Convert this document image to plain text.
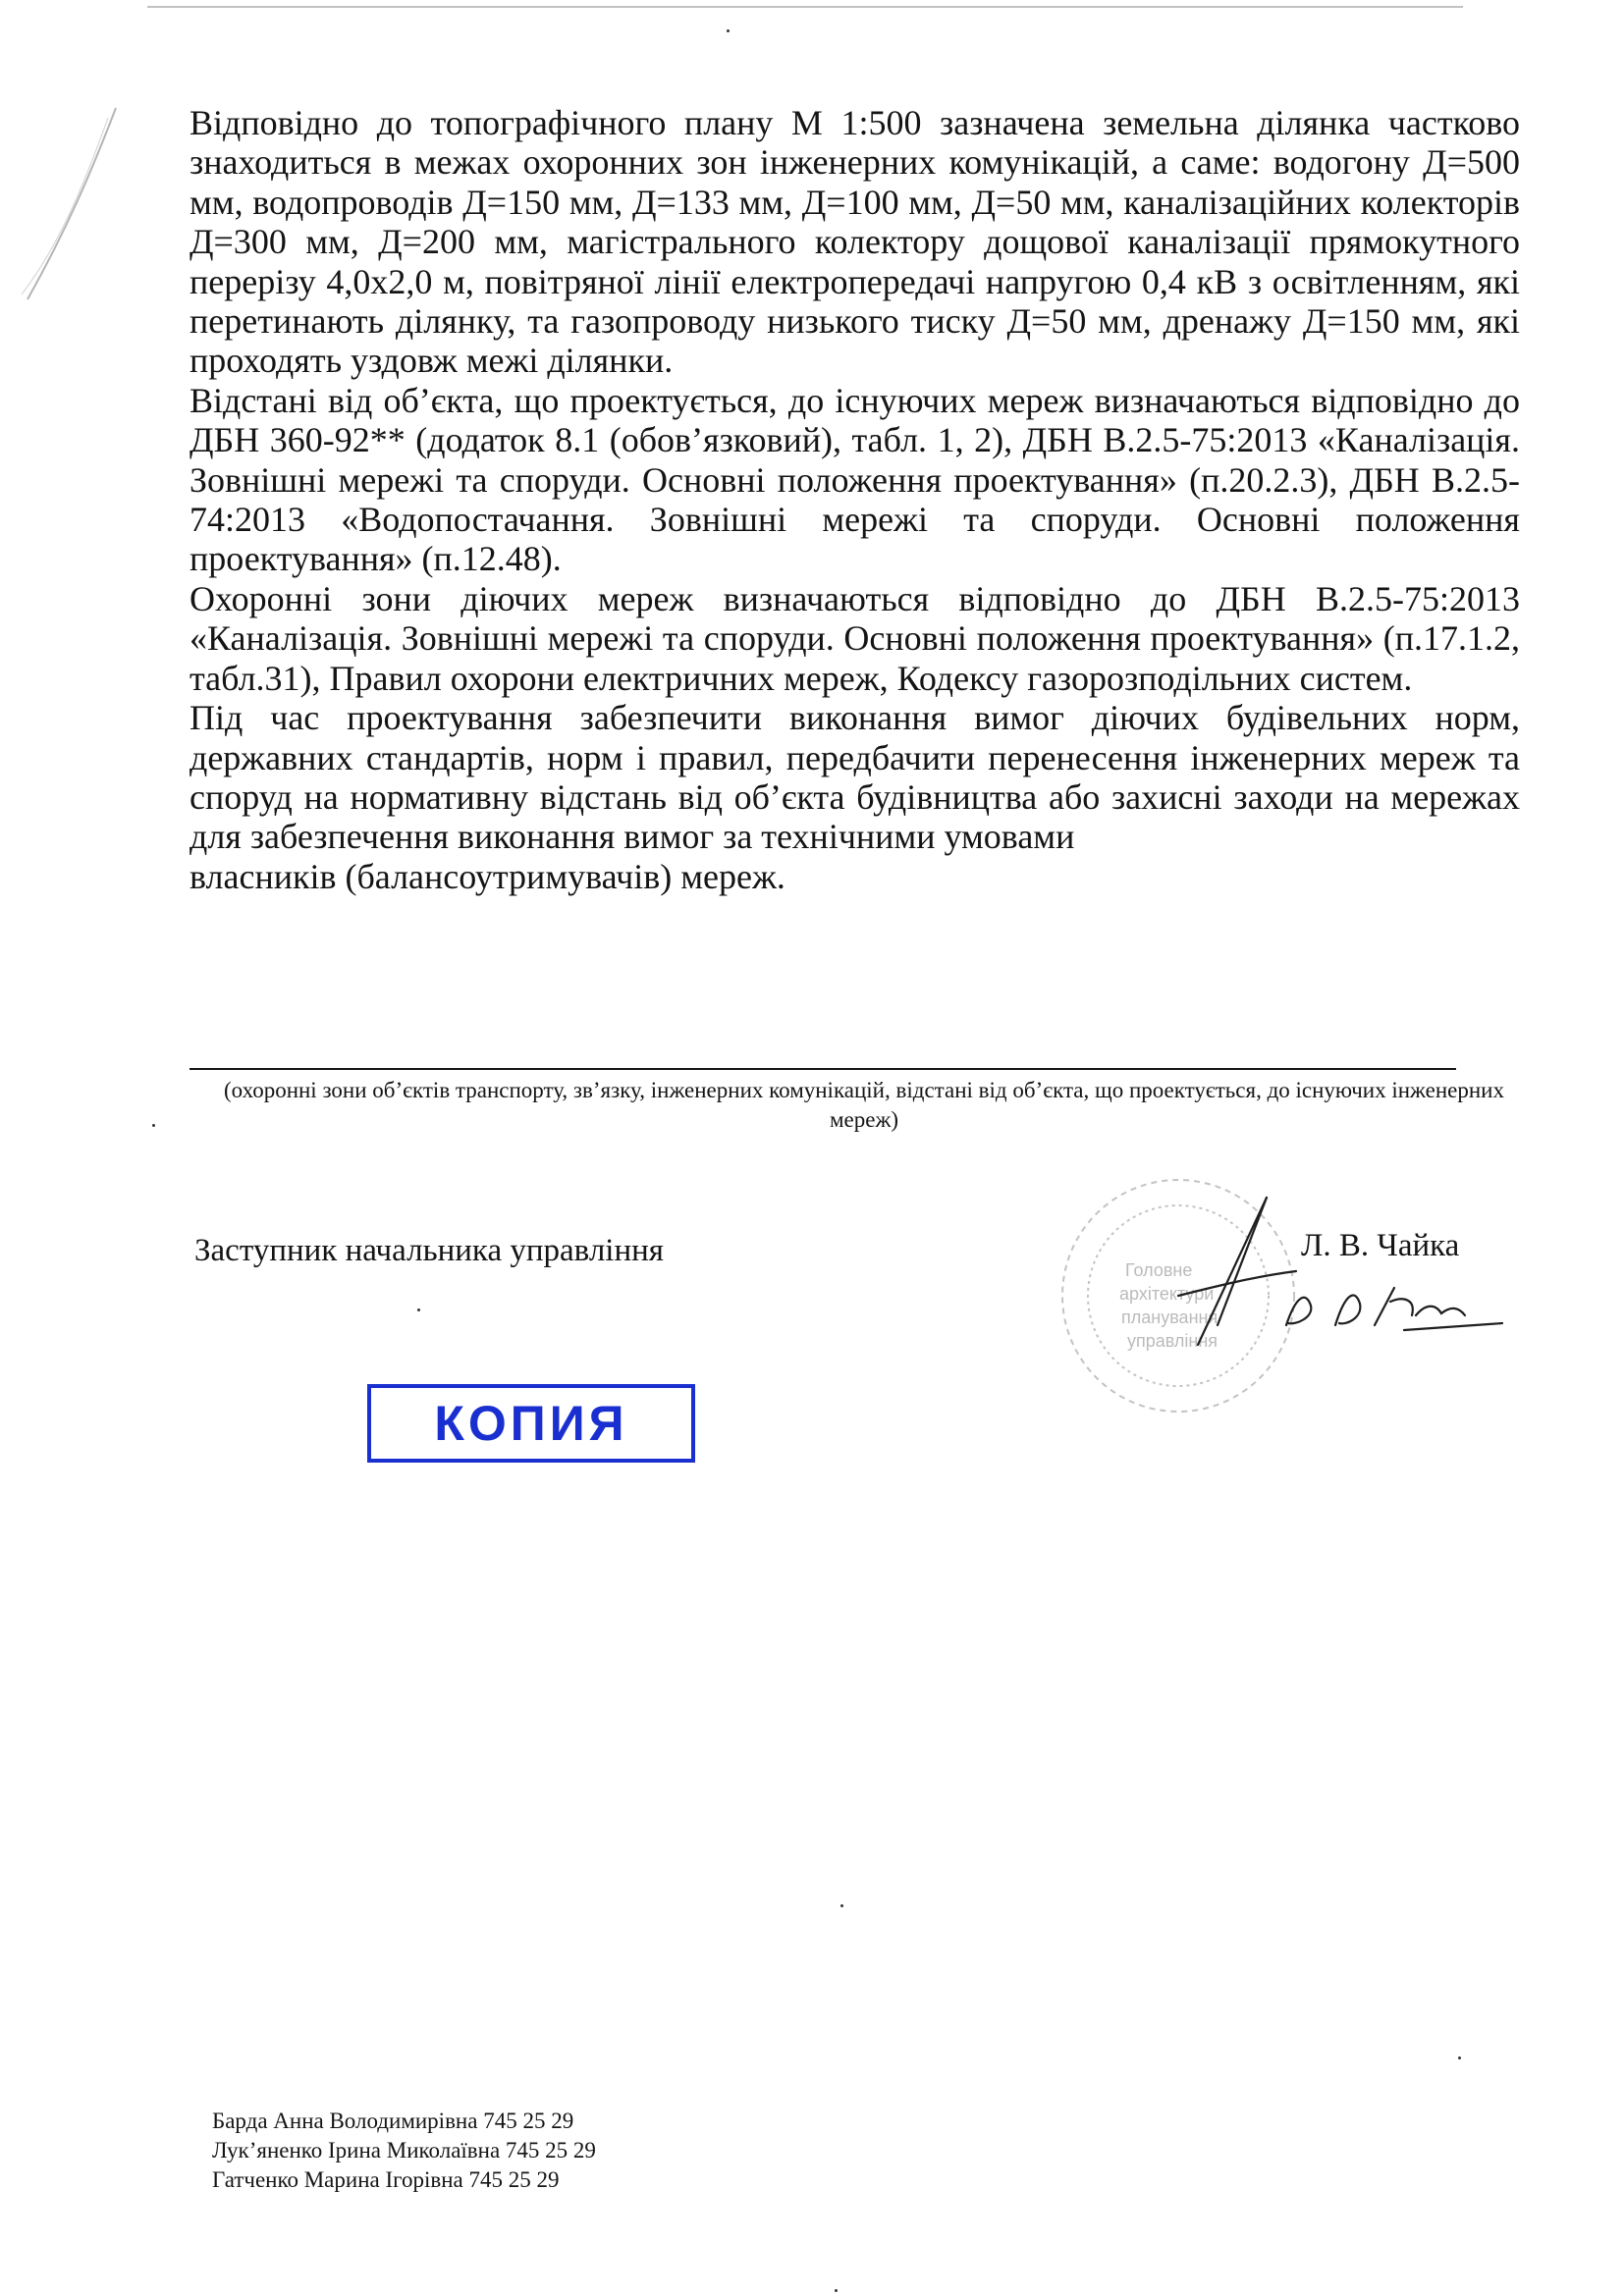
Відповідно до топографічного плану М 1:500 зазначена земельна ділянка частково знаходиться в межах охоронних зон інженерних комунікацій, а саме: водогону Д=500 мм, водопроводів Д=150 мм, Д=133 мм, Д=100 мм, Д=50 мм, каналізаційних колекторів Д=300 мм, Д=200 мм, магістрального колектору дощової каналізації прямокутного перерізу 4,0х2,0 м, повітряної лінії електропередачі напругою 0,4 кВ з освітленням, які перетинають ділянку, та газопроводу низького тиску Д=50 мм, дренажу Д=150 мм, які проходять уздовж межі ділянки.

Відстані від об’єкта, що проектується, до існуючих мереж визначаються відповідно до ДБН 360-92** (додаток 8.1 (обов’язковий), табл. 1, 2), ДБН В.2.5-75:2013 «Каналізація. Зовнішні мережі та споруди. Основні положення проектування» (п.20.2.3), ДБН В.2.5-74:2013 «Водопостачання. Зовнішні мережі та споруди. Основні положення проектування» (п.12.48).

Охоронні зони діючих мереж визначаються відповідно до ДБН В.2.5-75:2013 «Каналізація. Зовнішні мережі та споруди. Основні положення проектування» (п.17.1.2, табл.31), Правил охорони електричних мереж, Кодексу газорозподільних систем.

Під час проектування забезпечити виконання вимог діючих будівельних норм, державних стандартів, норм і правил, передбачити перенесення інженерних мереж та споруд на нормативну відстань від об’єкта будівництва або захисні заходи на мережах для забезпечення виконання вимог за технічними умовами

власників (балансоутримувачів) мереж.

(охоронні зони об’єктів транспорту, зв’язку, інженерних комунікацій, відстані від об’єкта, що проектується, до існуючих інженерних мереж)
Заступник начальника управління
Головне
архітектури
планування
управління
Л. В. Чайка
КОПИЯ
Барда Анна Володимирівна 745 25 29
Лук’яненко Ірина Миколаївна 745 25 29
Гатченко Марина Ігорівна 745 25 29
